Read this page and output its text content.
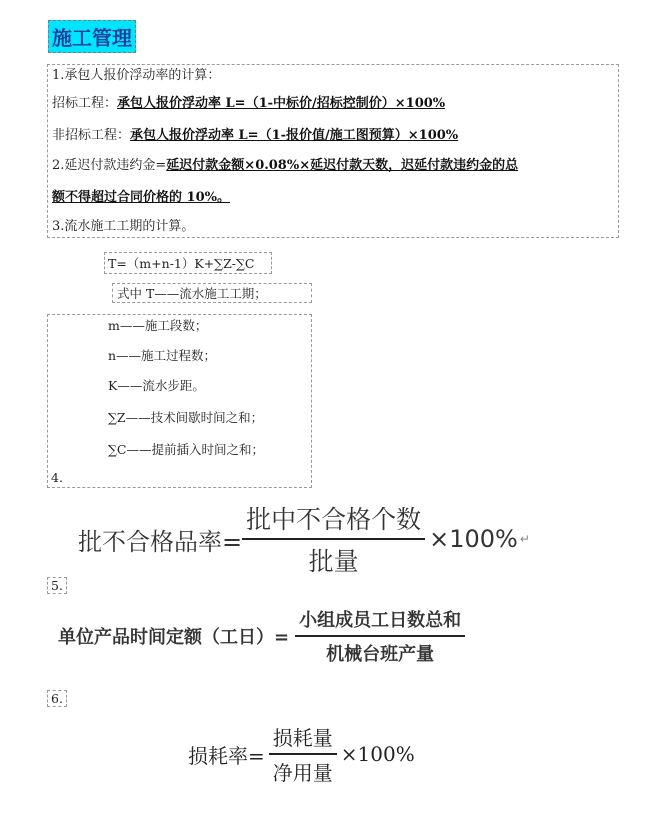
施工管理
1.承包人报价浮动率的计算：
招标工程：承包人报价浮动率 L=（1-中标价/招标控制价）×100%
非招标工程：承包人报价浮动率 L=（1-报价值/施工图预算）×100%
2.延迟付款违约金=延迟付款金额×0.08%×延迟付款天数，迟延付款违约金的总
额不得超过合同价格的 10%。
3.流水施工工期的计算。
T=（m+n-1）K+∑Z-∑C
式中 T——流水施工工期；
m——施工段数；
n——施工过程数；
K——流水步距。
∑Z——技术间歇时间之和；
∑C——提前插入时间之和；
4.
批不合格品率= $\frac{\text{批中不合格个数}}{\text{批量}} \times 100\%$ ↵
5.
单位产品时间定额（工日）= $\frac{\text{小组成员工日数总和}}{\text{机械台班产量}}$
6.
损耗率= $\frac{\text{损耗量}}{\text{净用量}} \times 100\%$
